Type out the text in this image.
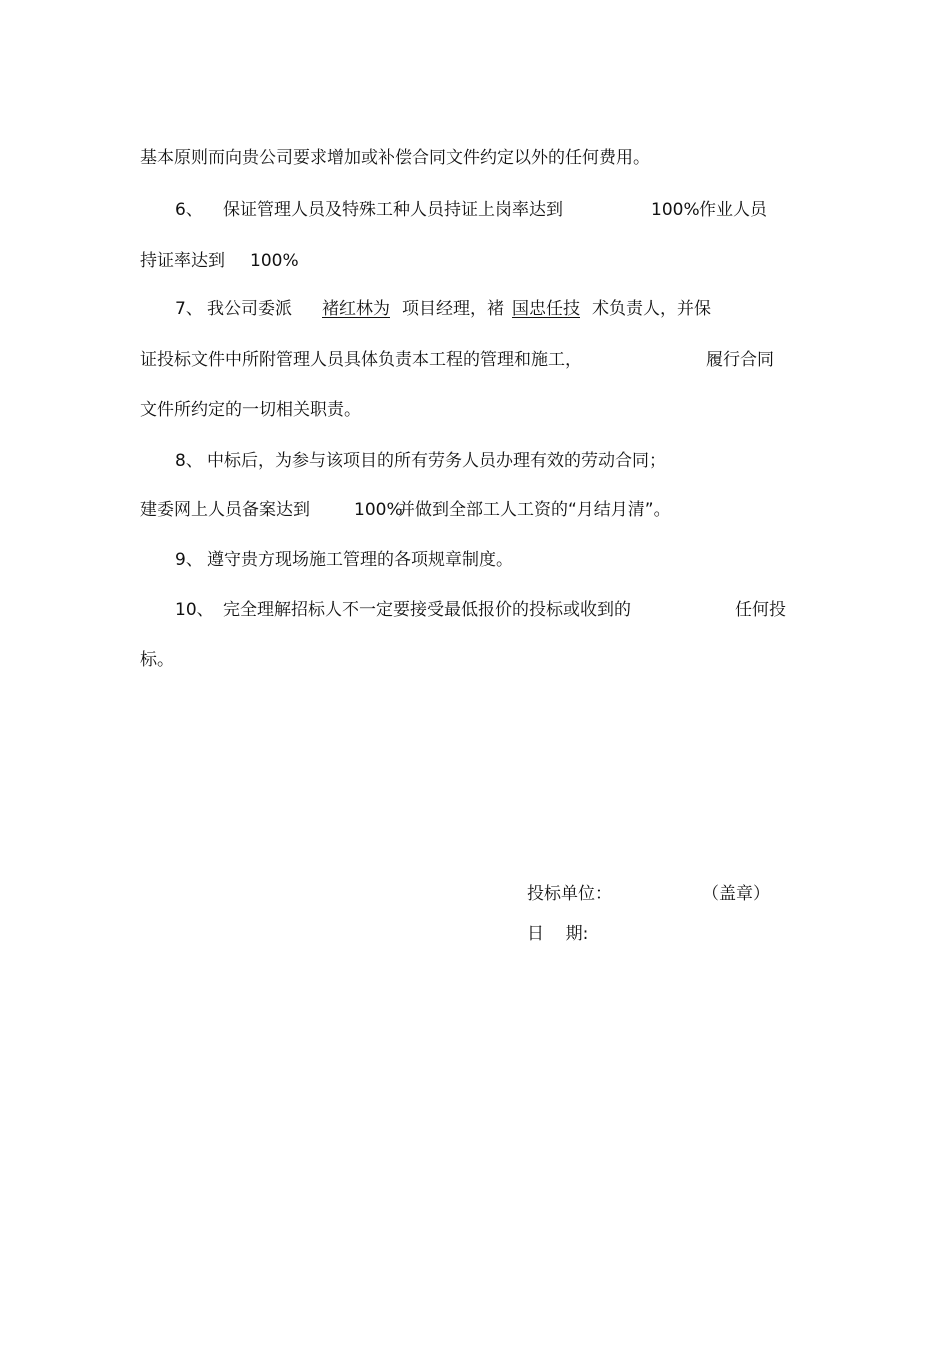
基本原则而向贵公司要求增加或补偿合同文件约定以外的任何费用。
6、 保证管理人员及特殊工种人员持证上岗率达到	100% 作业人员
持证率达到 100%
7、 我公司委派 褚红林为 项目经理，褚 国忠任技 术负责人，并保
证投标文件中所附管理人员具体负责本工程的管理和施工，	履行合同
文件所约定的一切相关职责。
8、 中标后，为参与该项目的所有劳务人员办理有效的劳动合同；
建委网上人员备案达到	100%
并做到全部工人工资的“月结月清”。
9、 遵守贵方现场施工管理的各项规章制度。
10、 完全理解招标人不一定要接受最低报价的投标或收到的	任何投
标。
投标单位：	（盖章）
日    期:
